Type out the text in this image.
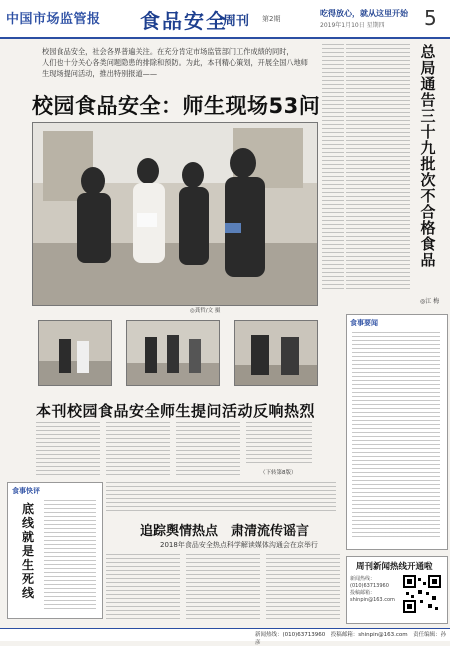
中国市场监管报 食品安全
周刊 第2期
吃得放心，就从这里开始
2019年1月10日 星期四 5
校园食品安全，社会各界普遍关注。在充分肯定市场监管部门工作成绩的同时，
人们也十分关心各类问题隐患的排除和预防。为此，本刊精心策划，开展全国八地师
生现场提问活动，推出特别报道——
校园食品安全：师生现场53问
◎龚哲/文 摄
本刊校园食品安全师生提问活动反响热烈
（下转第8版）
总局通告三十九批次不合格食品
◎江 梅
食事要闻
食事快评
底线就是生死线
追踪舆情热点　肃清流传谣言
2018年食品安全热点科学解读媒体沟通会在京举行
周刊新闻热线开通啦
新闻热线：
(010)63713960
投稿邮箱：
shinpin@163.com
新闻热线：(010)63713960　投稿邮箱：shinpin@163.com　责任编辑：孙彦
